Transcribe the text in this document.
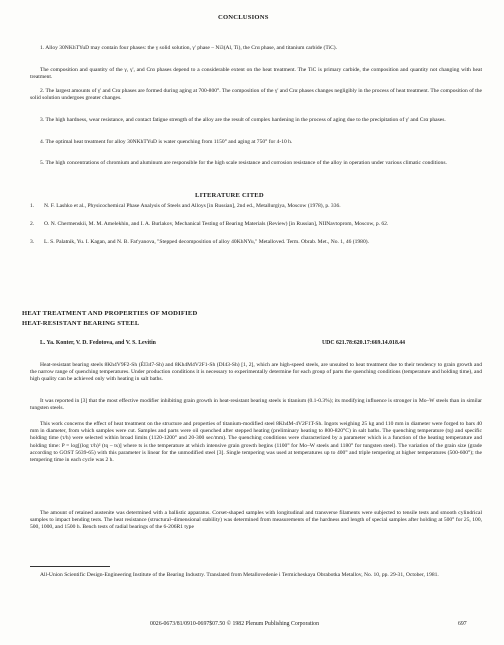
CONCLUSIONS

1. Alloy 30NKhTYuD may contain four phases: the γ solid solution, γ' phase – Ni3(Al, Ti), the Crα phase, and titanium carbide (TiC).

The composition and quantity of the γ, γ', and Crα phases depend to a considerable extent on the heat treatment. The TiC is primary carbide, the composition and quantity not changing with heat treatment.

2. The largest amounts of γ' and Crα phases are formed during aging at 700-800°. The composition of the γ' and Crα phases changes negligibly in the process of heat treatment. The composition of the solid solution undergoes greater changes.

3. The high hardness, wear resistance, and contact fatigue strength of the alloy are the result of complex hardening in the process of aging due to the precipitation of γ' and Crα phases.

4. The optimal heat treatment for alloy 30NKhTYuD is water quenching from 1150° and aging at 750° for 4-10 h.

5. The high concentrations of chromium and aluminum are responsible for the high scale resistance and corrosion resistance of the alloy in operation under various climatic conditions.

LITERATURE CITED
1.	N. F. Lashko et al., Physicochemical Phase Analysis of Steels and Alloys [in Russian], 2nd ed., Metallurgiya, Moscow (1978), p. 336.
2.	O. N. Chermenskii, M. M. Amelekhin, and I. A. Burlakov, Mechanical Testing of Bearing Materials (Review) [in Russian], NIINavtoprom, Moscow, p. 62.
3.	L. S. Palatnik, Yu. I. Kagan, and N. B. Fat'yanova, "Stepped decomposition of alloy 40KhNYu," Metalloved. Term. Obrab. Met., No. 1, 46 (1980).
HEAT TREATMENT AND PROPERTIES OF MODIFIED
HEAT-RESISTANT BEARING STEEL
L. Ya. Konter, V. D. Fedotova, and V. S. Levitin	UDC 621.78:620.17:669.14.018.44

Heat-resistant bearing steels 8Kh4V9F2-Sh (ÉI347-Sh) and 8Kh4M4V2F1-Sh (DI43-Sh) [1, 2], which are high-speed steels, are unsuited to heat treatment due to their tendency to grain growth and the narrow range of quenching temperatures. Under production conditions it is necessary to experimentally determine for each group of parts the quenching conditions (temperature and holding time), and high quality can be achieved only with heating in salt baths.

It was reported in [3] that the most effective modifier inhibiting grain growth in heat-resistant bearing steels is titanium (0.1-0.3%); its modifying influence is stronger in Mo–W steels than in similar tungsten steels.

This work concerns the effect of heat treatment on the structure and properties of titanium-modified steel 8Kh4M-4V2F1T-Sh. Ingots weighing 25 kg and 110 mm in diameter were forged to bars 40 mm in diameter, from which samples were cut. Samples and parts were oil quenched after stepped heating (preliminary heating to 800-820°C) in salt baths. The quenching temperature (tq) and specific holding time (τ/h) were selected within broad limits (1120-1200° and 20-300 sec/mm). The quenching conditions were characterized by a parameter which is a function of the heating temperature and holding time: P = log[(log τ/h)² (tq – ts)] where ts is the temperature at which intensive grain growth begins (1100° for Mo–W steels and 1180° for tungsten steel). The variation of the grain size (grade according to GOST 5639-65) with this parameter is linear for the unmodified steel [3]. Single tempering was used at temperatures up to 400° and triple tempering at higher temperatures (500-600°); the tempering time in each cycle was 2 h.

The amount of retained austenite was determined with a ballistic apparatus. Corset-shaped samples with longitudinal and transverse filaments were subjected to tensile tests and smooth cylindrical samples to impact bending tests. The heat resistance (structural–dimensional stability) was determined from measurements of the hardness and length of special samples after holding at 500° for 25, 100, 500, 1000, and 1500 h. Bench tests of radial bearings of the 6-206R1 type

All-Union Scientific Design-Engineering Institute of the Bearing Industry. Translated from Metallovedenie i Termicheskaya Obrabotka Metallov, No. 10, pp. 29-31, October, 1981.

0026-0673/81/0910-0697$07.50 © 1982 Plenum Publishing Corporation	697
